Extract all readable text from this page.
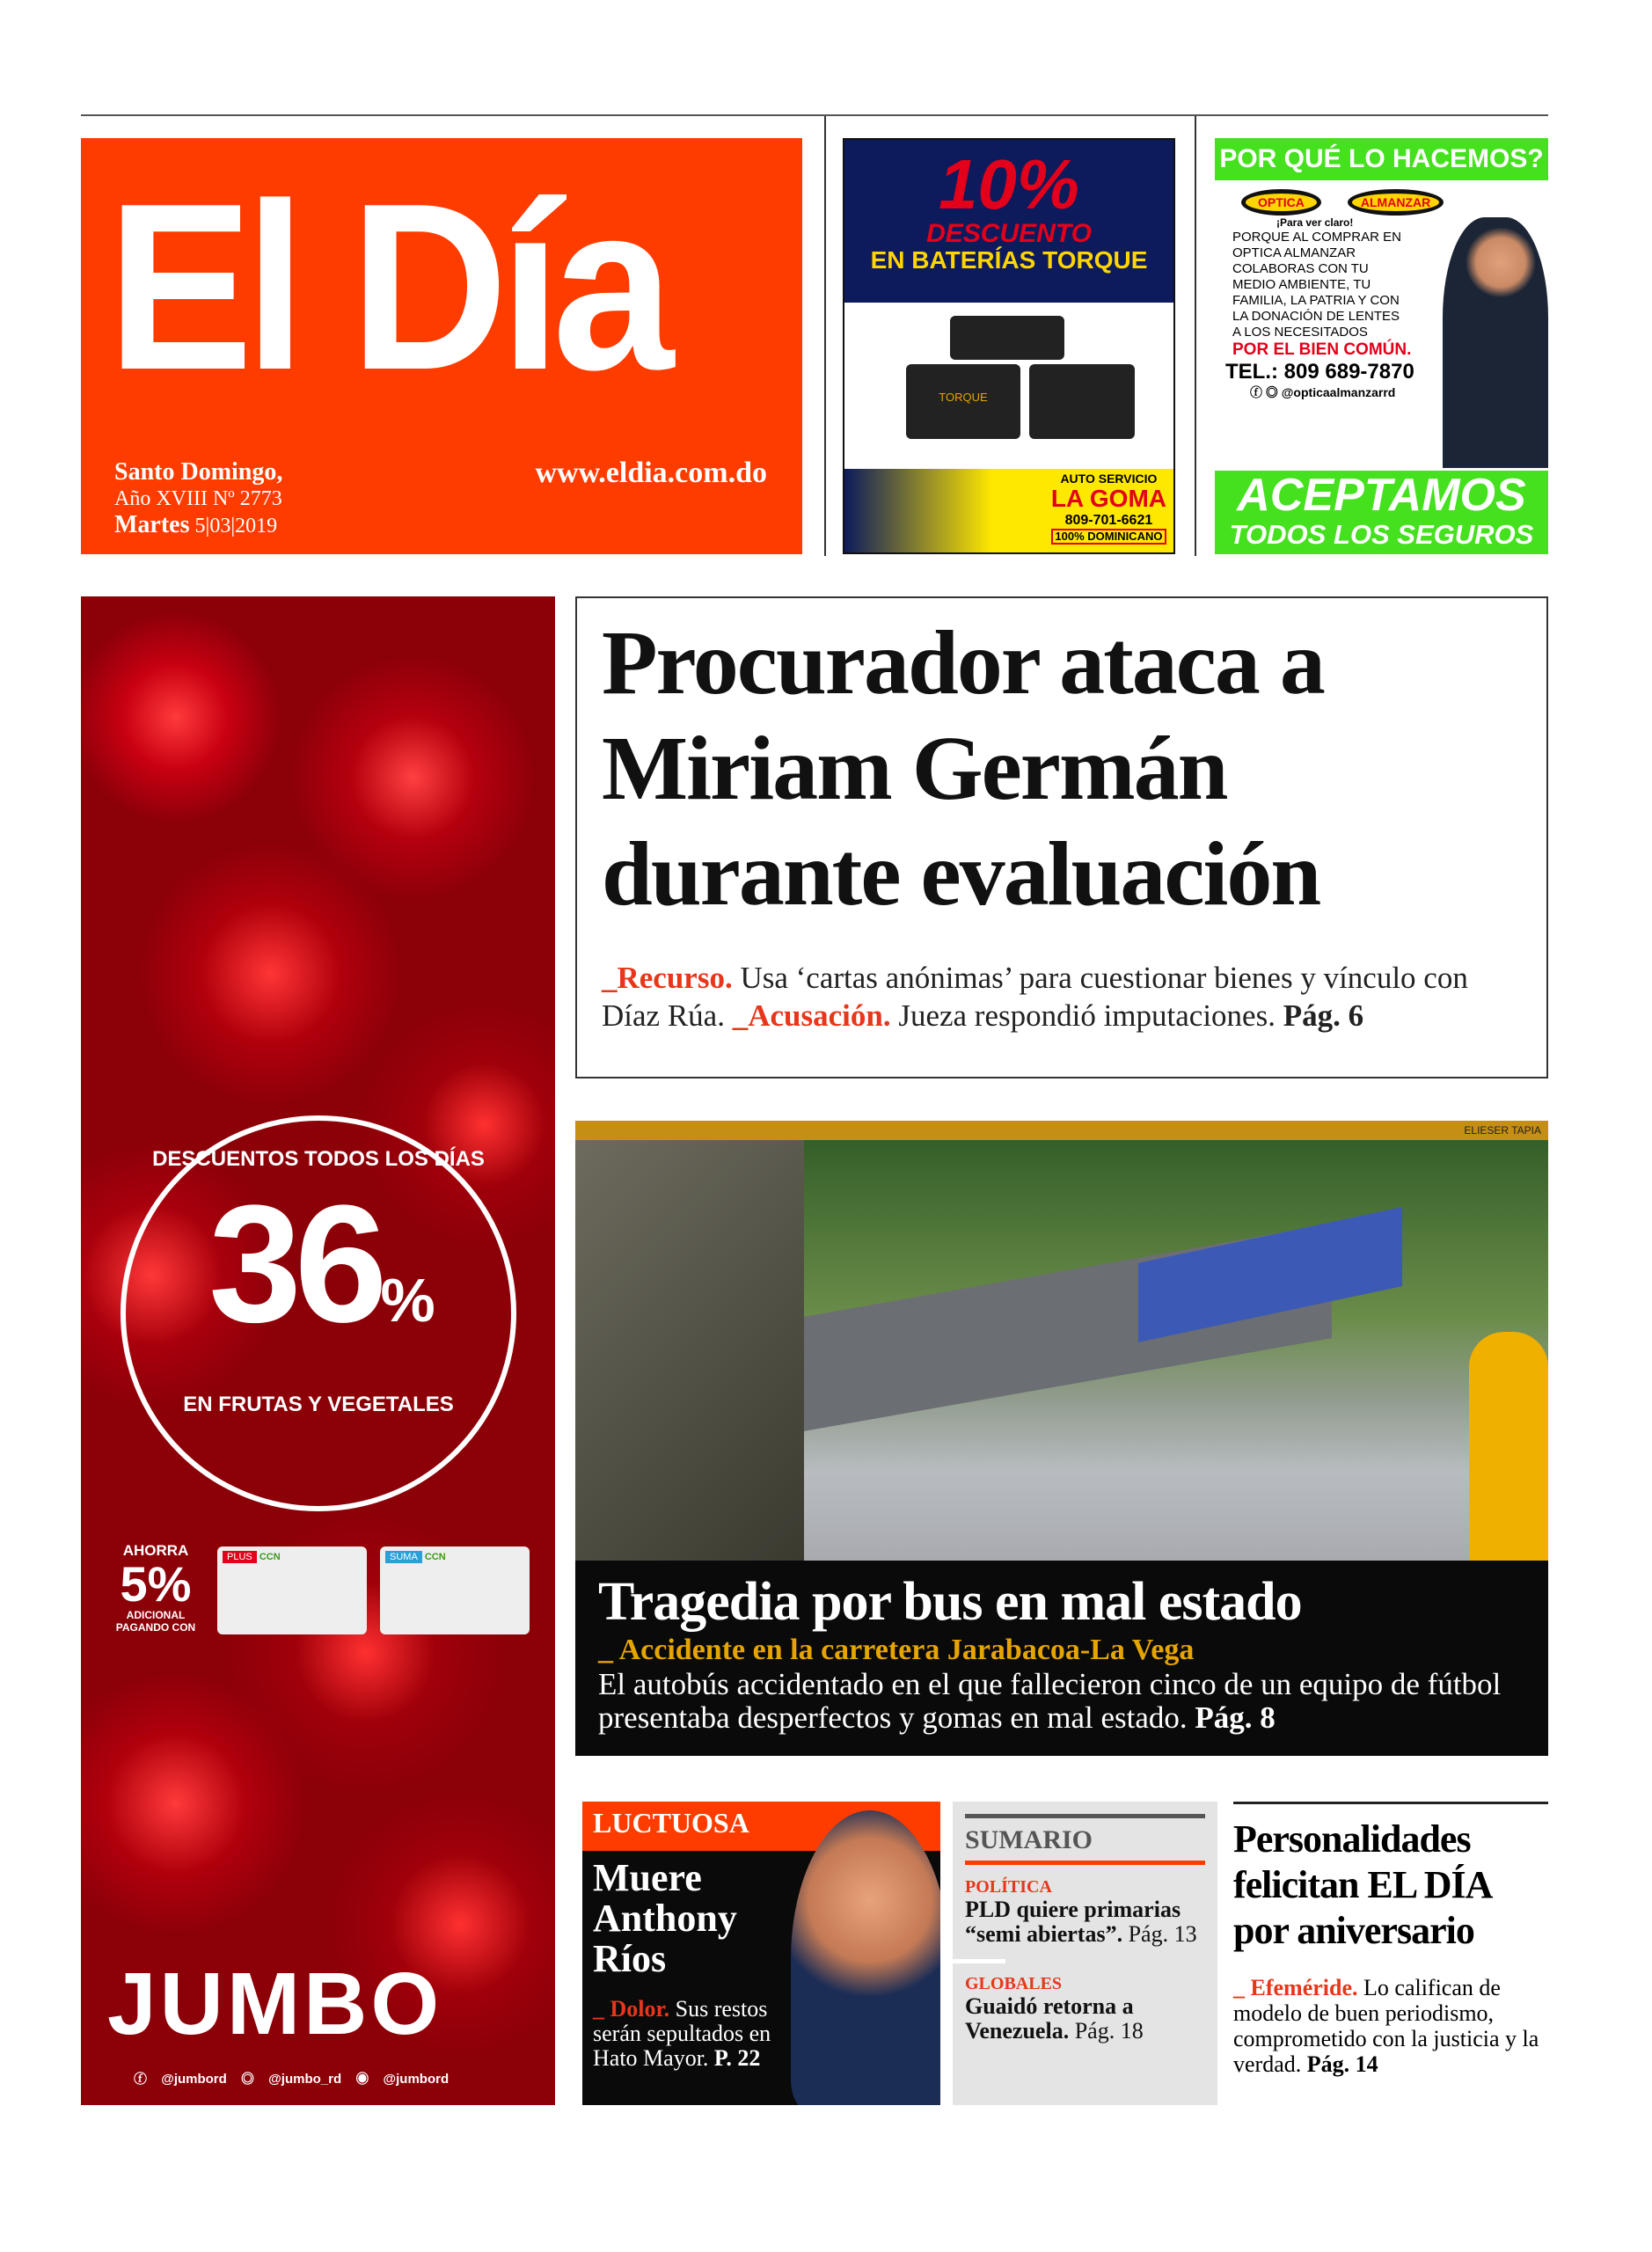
El Día
Santo Domingo,
Año XVIII Nº 2773
Martes 5|03|2019
www.eldia.com.do
10%
DESCUENTO
EN BATERÍAS TORQUE
TORQUE
AUTO SERVICIO
LA GOMA
809-701-6621
100% DOMINICANO
POR QUÉ LO HACEMOS?
OPTICA	ALMANZAR
¡Para ver claro!
PORQUE AL COMPRAR EN OPTICA ALMANZAR COLABORAS CON TU MEDIO AMBIENTE, TU FAMILIA, LA PATRIA Y CON LA DONACIÓN DE LENTES A LOS NECESITADOS
POR EL BIEN COMÚN.
TEL.: 809 689-7870
ⓕ ◎ @opticaalmanzarrd
ACEPTAMOS
TODOS LOS SEGUROS
DESCUENTOS TODOS LOS DÍAS
36%
EN FRUTAS Y VEGETALES
AHORRA
5%
ADICIONAL PAGANDO CON
PLUS CCN	SUMA CCN
JUMBO
ⓕ @jumbord ◎ @jumbo_rd ◉ @jumbord
Procurador ataca a Miriam Germán durante evaluación

_Recurso. Usa ‘cartas anónimas’ para cuestionar bienes y vínculo con Díaz Rúa. _Acusación. Jueza respondió imputaciones. Pág. 6

ELIESER TAPIA
Tragedia por bus en mal estado
_ Accidente en la carretera Jarabacoa-La Vega

El autobús accidentado en el que fallecieron cinco de un equipo de fútbol presentaba desperfectos y gomas en mal estado. Pág. 8

LUCTUOSA
Muere Anthony Ríos

_ Dolor. Sus restos serán sepultados en Hato Mayor. P. 22

SUMARIO
POLÍTICA
PLD quiere primarias “semi abiertas”. Pág. 13
GLOBALES
Guaidó retorna a Venezuela. Pág. 18
Personalidades felicitan EL DÍA por aniversario

_ Efeméride. Lo califican de modelo de buen periodismo, comprometido con la justicia y la verdad. Pág. 14
